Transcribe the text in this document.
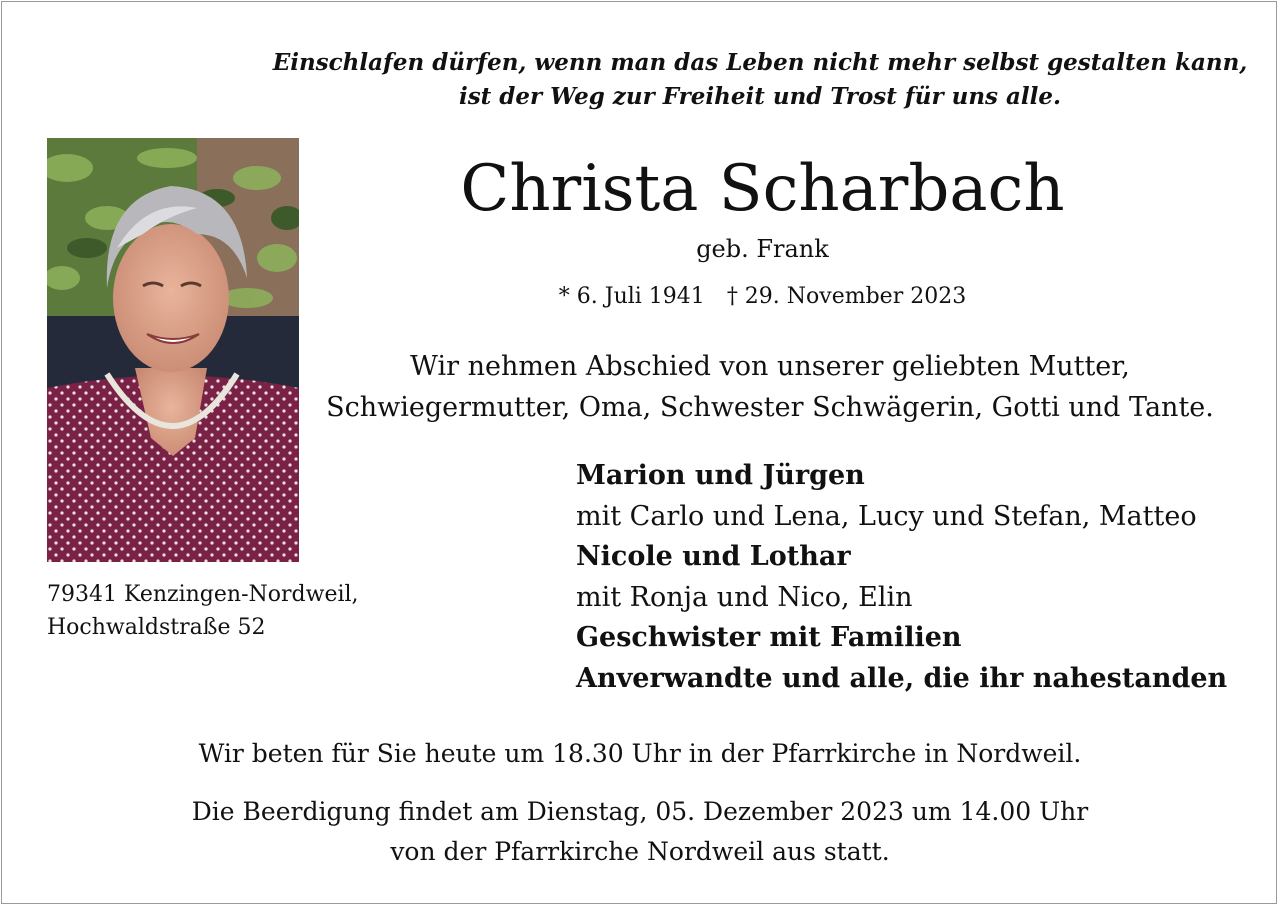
Einschlafen dürfen, wenn man das Leben nicht mehr selbst gestalten kann,
ist der Weg zur Freiheit und Trost für uns alle.
79341 Kenzingen-Nordweil,
Hochwaldstraße 52
Christa Scharbach
geb. Frank
* 6. Juli 1941 † 29. November 2023
Wir nehmen Abschied von unserer geliebten Mutter,
Schwiegermutter, Oma, Schwester Schwägerin, Gotti und Tante.
Marion und Jürgen
mit Carlo und Lena, Lucy und Stefan, Matteo
Nicole und Lothar
mit Ronja und Nico, Elin
Geschwister mit Familien
Anverwandte und alle, die ihr nahestanden
Wir beten für Sie heute um 18.30 Uhr in der Pfarrkirche in Nordweil.
Die Beerdigung findet am Dienstag, 05. Dezember 2023 um 14.00 Uhr
von der Pfarrkirche Nordweil aus statt.
